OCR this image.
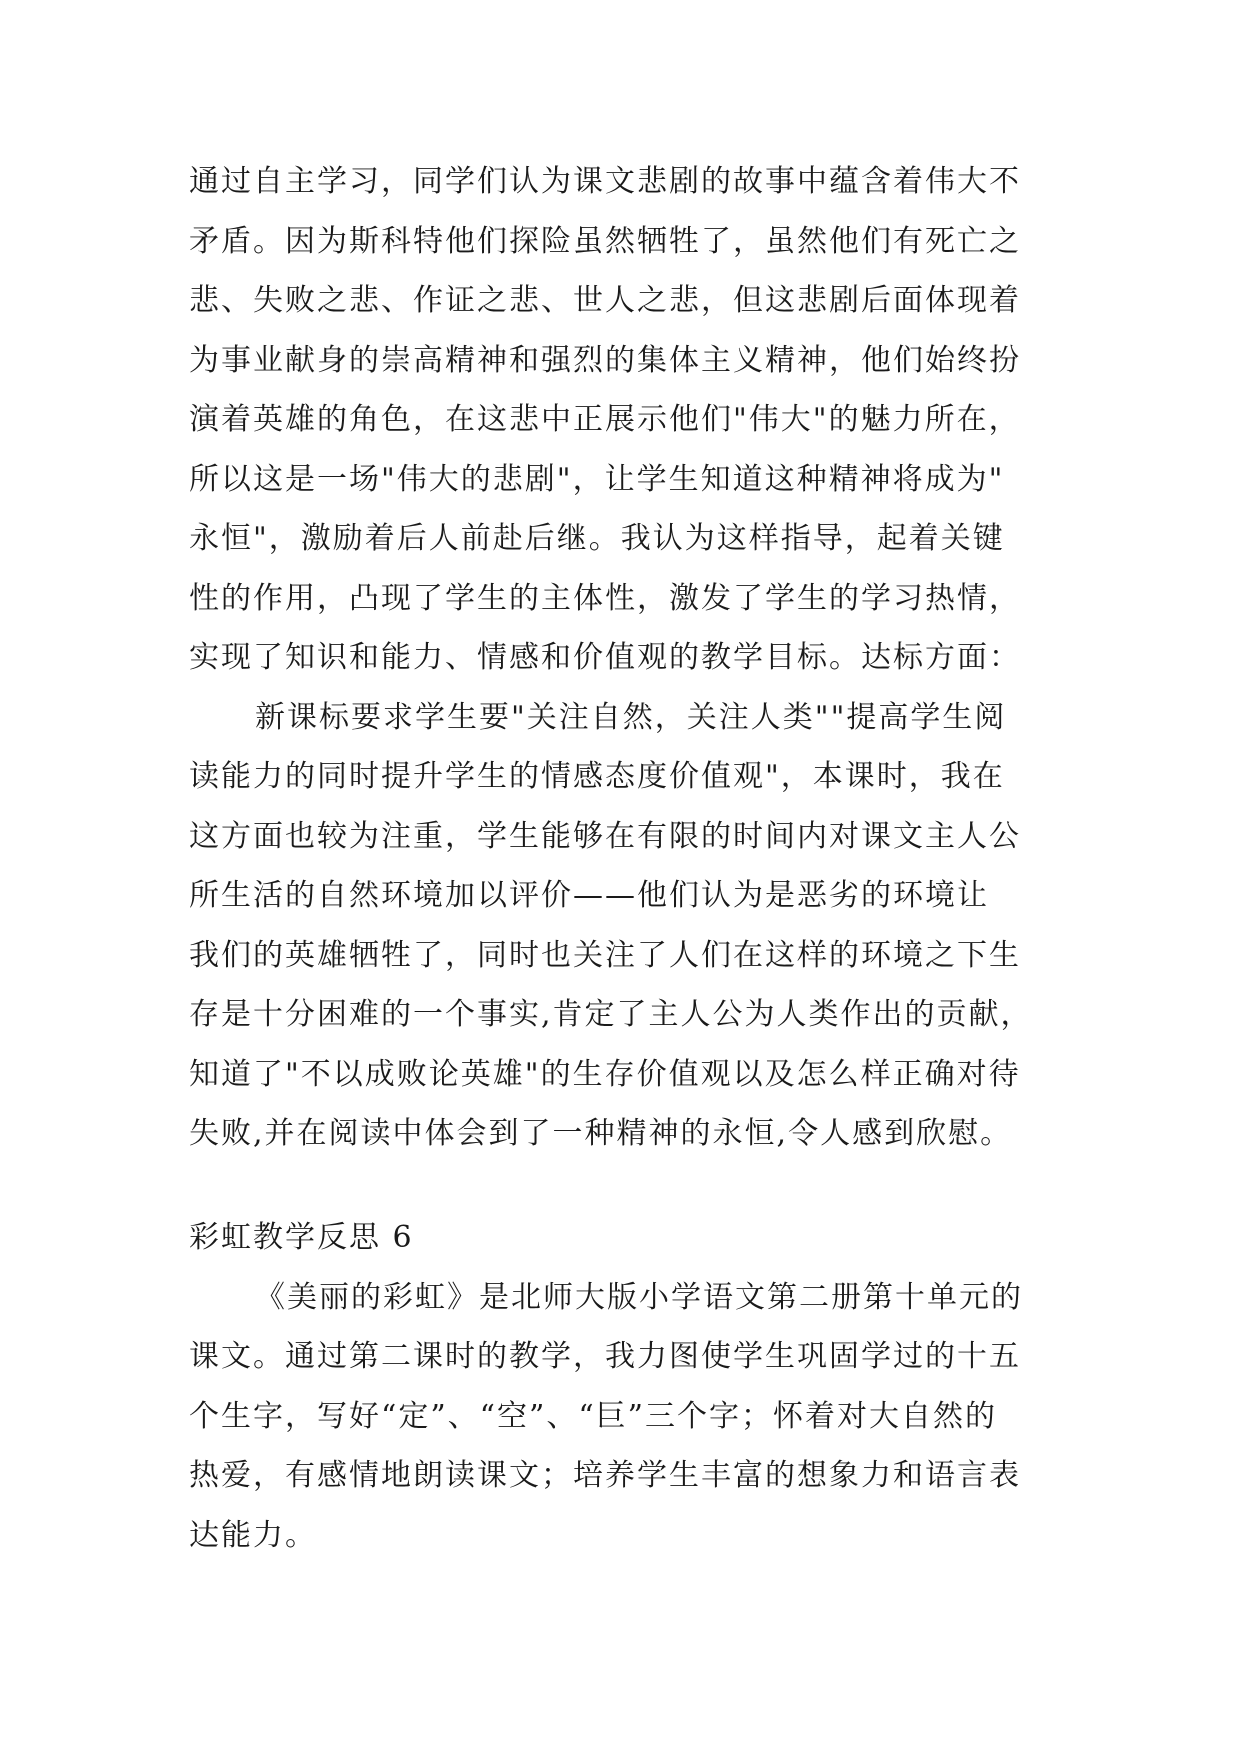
通过自主学习，同学们认为课文悲剧的故事中蕴含着伟大不
矛盾。因为斯科特他们探险虽然牺牲了，虽然他们有死亡之
悲、失败之悲、作证之悲、世人之悲，但这悲剧后面体现着
为事业献身的崇高精神和强烈的集体主义精神，他们始终扮
演着英雄的角色，在这悲中正展示他们"伟大"的魅力所在，
所以这是一场"伟大的悲剧"，让学生知道这种精神将成为"
永恒"，激励着后人前赴后继。我认为这样指导，起着关键
性的作用，凸现了学生的主体性，激发了学生的学习热情，
实现了知识和能力、情感和价值观的教学目标。达标方面：
新课标要求学生要"关注自然，关注人类""提高学生阅
读能力的同时提升学生的情感态度价值观"，本课时，我在
这方面也较为注重，学生能够在有限的时间内对课文主人公
所生活的自然环境加以评价——他们认为是恶劣的环境让
我们的英雄牺牲了，同时也关注了人们在这样的环境之下生
存是十分困难的一个事实,肯定了主人公为人类作出的贡献，
知道了"不以成败论英雄"的生存价值观以及怎么样正确对待
失败,并在阅读中体会到了一种精神的永恒,令人感到欣慰。
彩虹教学反思 6
《美丽的彩虹》是北师大版小学语文第二册第十单元的
课文。通过第二课时的教学，我力图使学生巩固学过的十五
个生字，写好“定”、“空”、“巨”三个字；怀着对大自然的
热爱，有感情地朗读课文；培养学生丰富的想象力和语言表
达能力。
